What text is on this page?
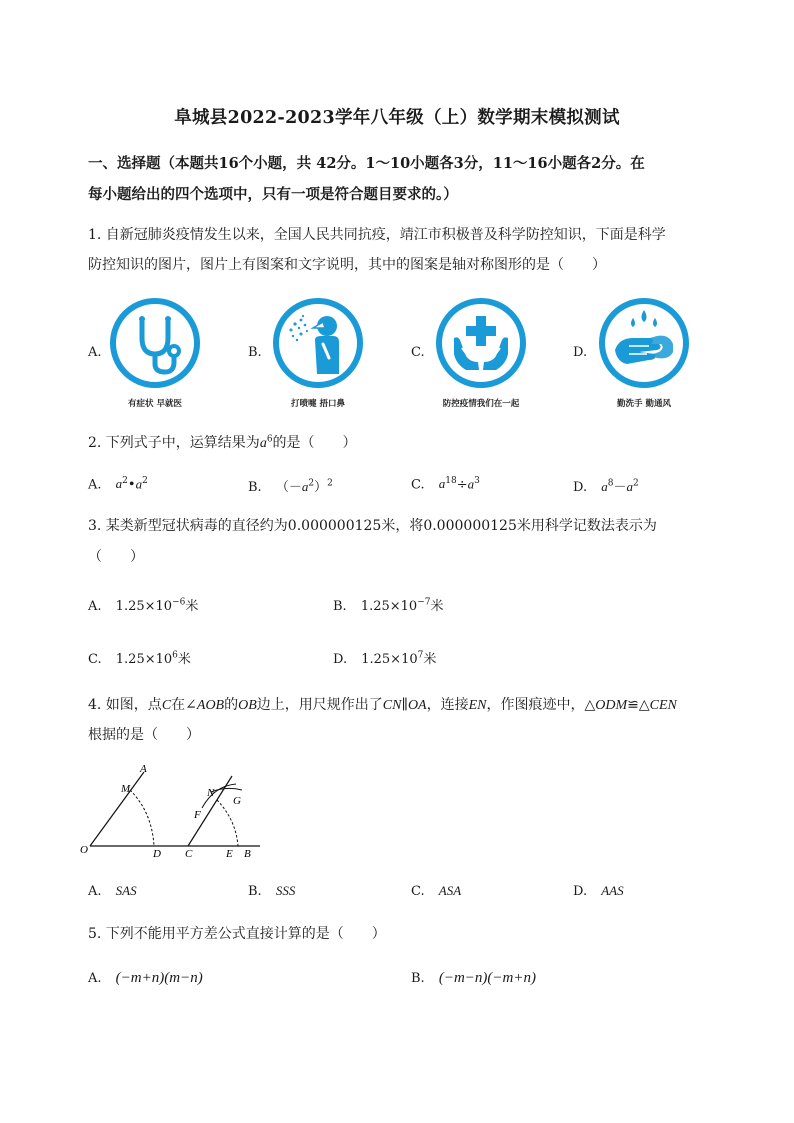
阜城县2022-2023学年八年级（上）数学期末模拟测试
一、选择题（本题共16个小题，共 42分。1～10小题各3分，11～16小题各2分。在
每小题给出的四个选项中，只有一项是符合题目要求的。）
1. 自新冠肺炎疫情发生以来，全国人民共同抗疫，靖江市积极普及科学防控知识，下面是科学
防控知识的图片，图片上有图案和文字说明，其中的图案是轴对称图形的是（　　）
A.	B.	C.	D.
有症状 早就医	打喷嚏 捂口鼻	防控疫情我们在一起	勤洗手 勤通风
2. 下列式子中，运算结果为$a^6$的是（　　）
A. $a^2•a^2$	B. $(-a^2)^2$	C. $a^{18}\div a^3$	D. $a^8-a^2$
3. 某类新型冠状病毒的直径约为0.000000125米，将0.000000125米用科学记数法表示为
（　　）
A. $1.25\times 10^{-6}$米	B. $1.25\times 10^{-7}$米
C. $1.25\times 10^6$米	D. $1.25\times 10^7$米
4. 如图，点C在∠AOB的OB边上，用尺规作出了CN∥OA，连接EN，作图痕迹中，△ODM≌△CEN
根据的是（　　）
A
M
O	D C
N
G
F
E B
A. SAS	B. SSS	C. ASA	D. AAS
5. 下列不能用平方差公式直接计算的是（　　）
A. (−m+n)(m−n)	B. (−m−n)(−m+n)
